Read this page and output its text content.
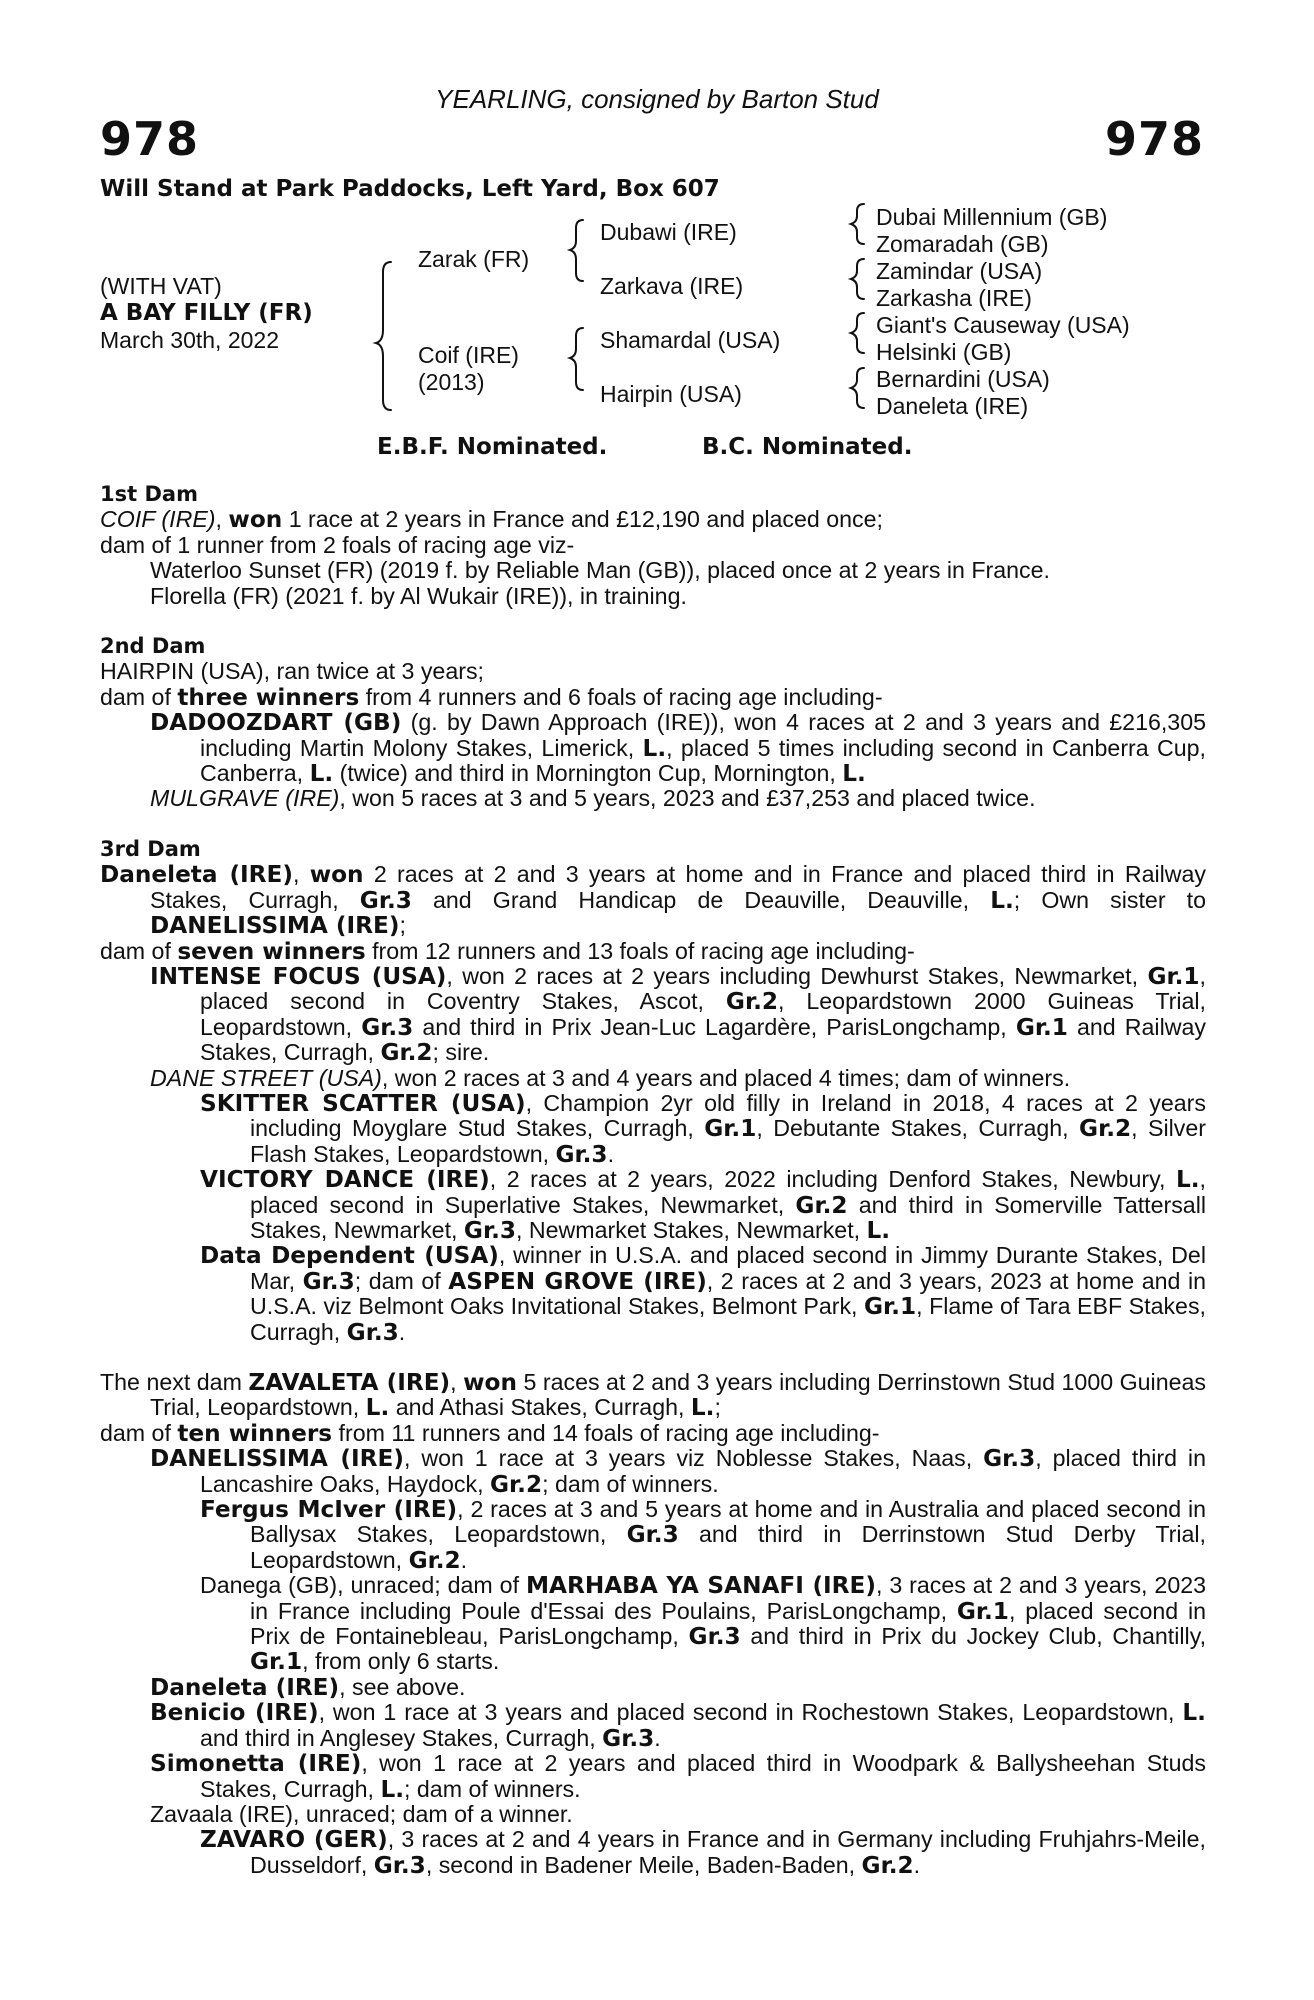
YEARLING, consigned by Barton Stud
978	978
Will Stand at Park Paddocks, Left Yard, Box 607
(WITH VAT)
A BAY FILLY (FR)
March 30th, 2022
Zarak (FR)
Coif (IRE)
(2013)
Dubawi (IRE)
Zarkava (IRE)
Shamardal (USA)
Hairpin (USA)
Dubai Millennium (GB)
Zomaradah (GB)
Zamindar (USA)
Zarkasha (IRE)
Giant's Causeway (USA)
Helsinki (GB)
Bernardini (USA)
Daneleta (IRE)
E.B.F. Nominated.	B.C. Nominated.

1st Dam

COIF (IRE), won 1 race at 2 years in France and £12,190 and placed once;

dam of 1 runner from 2 foals of racing age viz-

Waterloo Sunset (FR) (2019 f. by Reliable Man (GB)), placed once at 2 years in France.

Florella (FR) (2021 f. by Al Wukair (IRE)), in training.

2nd Dam

HAIRPIN (USA), ran twice at 3 years;

dam of three winners from 4 runners and 6 foals of racing age including-

DADOOZDART (GB) (g. by Dawn Approach (IRE)), won 4 races at 2 and 3 years and £216,305 including Martin Molony Stakes, Limerick, L., placed 5 times including second in Canberra Cup, Canberra, L. (twice) and third in Mornington Cup, Mornington, L.

MULGRAVE (IRE), won 5 races at 3 and 5 years, 2023 and £37,253 and placed twice.

3rd Dam

Daneleta (IRE), won 2 races at 2 and 3 years at home and in France and placed third in Railway Stakes, Curragh, Gr.3 and Grand Handicap de Deauville, Deauville, L.; Own sister to DANELISSIMA (IRE);

dam of seven winners from 12 runners and 13 foals of racing age including-

INTENSE FOCUS (USA), won 2 races at 2 years including Dewhurst Stakes, Newmarket, Gr.1, placed second in Coventry Stakes, Ascot, Gr.2, Leopardstown 2000 Guineas Trial, Leopardstown, Gr.3 and third in Prix Jean-Luc Lagardère, ParisLongchamp, Gr.1 and Railway Stakes, Curragh, Gr.2; sire.

DANE STREET (USA), won 2 races at 3 and 4 years and placed 4 times; dam of winners.

SKITTER SCATTER (USA), Champion 2yr old filly in Ireland in 2018, 4 races at 2 years including Moyglare Stud Stakes, Curragh, Gr.1, Debutante Stakes, Curragh, Gr.2, Silver Flash Stakes, Leopardstown, Gr.3.

VICTORY DANCE (IRE), 2 races at 2 years, 2022 including Denford Stakes, Newbury, L., placed second in Superlative Stakes, Newmarket, Gr.2 and third in Somerville Tattersall Stakes, Newmarket, Gr.3, Newmarket Stakes, Newmarket, L.

Data Dependent (USA), winner in U.S.A. and placed second in Jimmy Durante Stakes, Del Mar, Gr.3; dam of ASPEN GROVE (IRE), 2 races at 2 and 3 years, 2023 at home and in U.S.A. viz Belmont Oaks Invitational Stakes, Belmont Park, Gr.1, Flame of Tara EBF Stakes, Curragh, Gr.3.

The next dam ZAVALETA (IRE), won 5 races at 2 and 3 years including Derrinstown Stud 1000 Guineas Trial, Leopardstown, L. and Athasi Stakes, Curragh, L.;

dam of ten winners from 11 runners and 14 foals of racing age including-

DANELISSIMA (IRE), won 1 race at 3 years viz Noblesse Stakes, Naas, Gr.3, placed third in Lancashire Oaks, Haydock, Gr.2; dam of winners.

Fergus McIver (IRE), 2 races at 3 and 5 years at home and in Australia and placed second in Ballysax Stakes, Leopardstown, Gr.3 and third in Derrinstown Stud Derby Trial, Leopardstown, Gr.2.

Danega (GB), unraced; dam of MARHABA YA SANAFI (IRE), 3 races at 2 and 3 years, 2023 in France including Poule d'Essai des Poulains, ParisLongchamp, Gr.1, placed second in Prix de Fontainebleau, ParisLongchamp, Gr.3 and third in Prix du Jockey Club, Chantilly, Gr.1, from only 6 starts.

Daneleta (IRE), see above.

Benicio (IRE), won 1 race at 3 years and placed second in Rochestown Stakes, Leopardstown, L. and third in Anglesey Stakes, Curragh, Gr.3.

Simonetta (IRE), won 1 race at 2 years and placed third in Woodpark & Ballysheehan Studs Stakes, Curragh, L.; dam of winners.

Zavaala (IRE), unraced; dam of a winner.

ZAVARO (GER), 3 races at 2 and 4 years in France and in Germany including Fruhjahrs-Meile, Dusseldorf, Gr.3, second in Badener Meile, Baden-Baden, Gr.2.
